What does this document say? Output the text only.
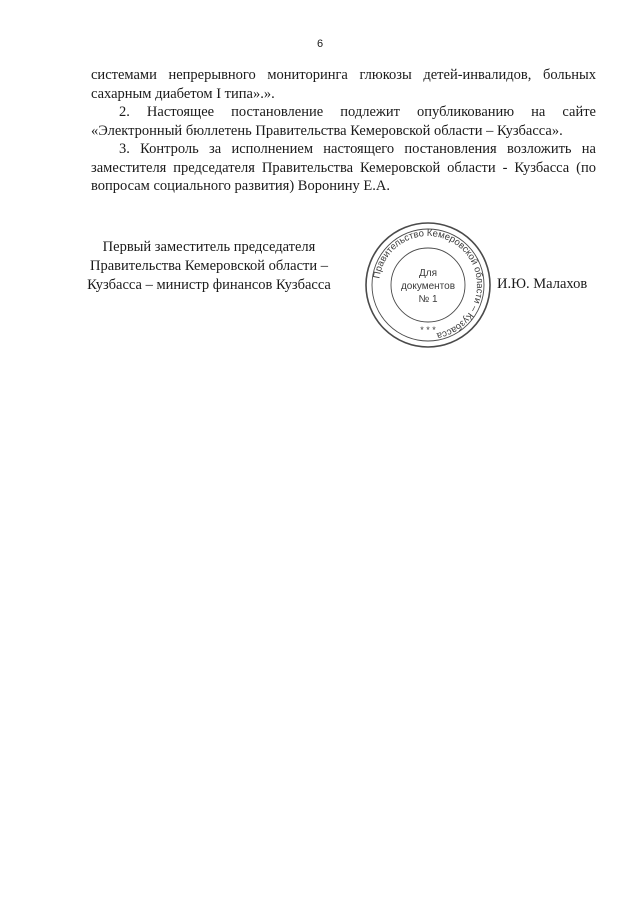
6

системами непрерывного мониторинга глюкозы детей-инвалидов, больных сахарным диабетом I типа».».

2. Настоящее постановление подлежит опубликованию на сайте «Электронный бюллетень Правительства Кемеровской области – Кузбасса».

3. Контроль за исполнением настоящего постановления возложить на заместителя председателя Правительства Кемеровской области - Кузбасса (по вопросам социального развития) Воронину Е.А.

Первый заместитель председателя
Правительства Кемеровской области –
Кузбасса – министр финансов Кузбасса
Правительство Кемеровской области – Кузбасса
* * *
Для
документов
№ 1
И.Ю. Малахов
